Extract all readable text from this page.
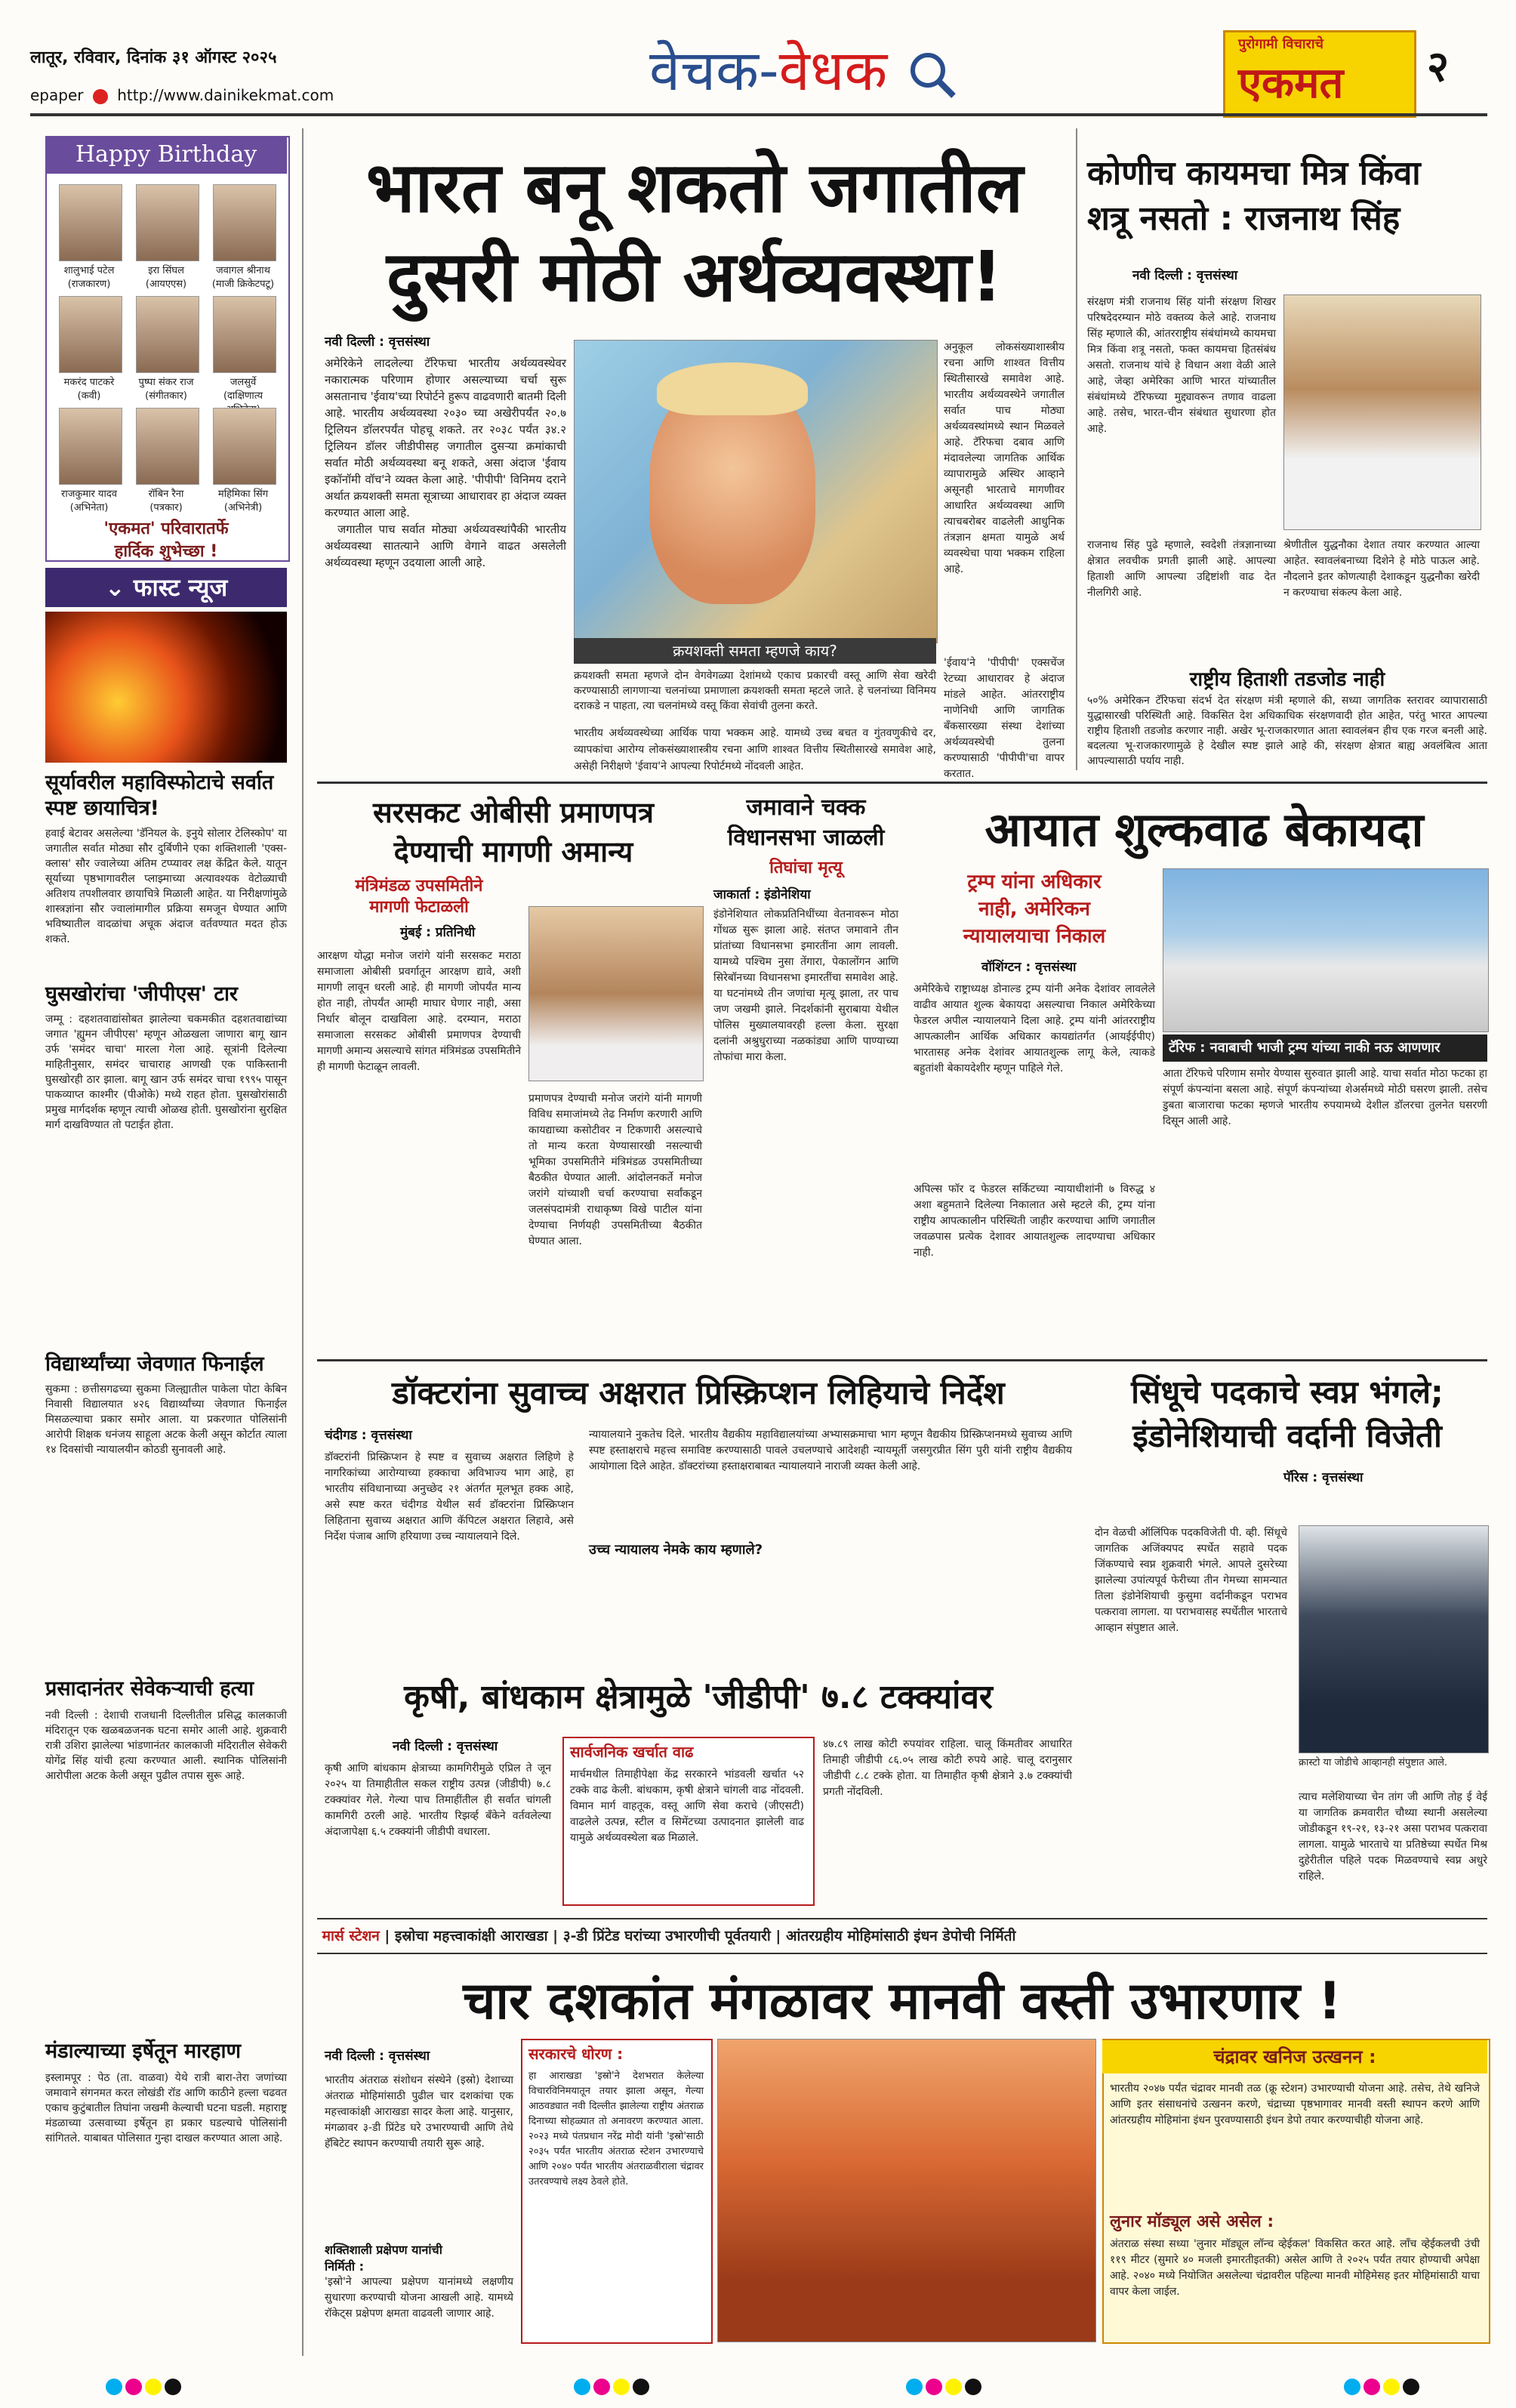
लातूर, रविवार, दिनांक ३१ ऑगस्ट २०२५
epaper http://www.dainikekmat.com	वेचक-वेधक	पुरोगामी विचाराचे
एकमत २
Happy Birthday
शालुभाई पटेल
(राजकारण)
इरा सिंघल
(आयएएस)
जवागल श्रीनाथ
(माजी क्रिकेटपटू)
मकरंद पाटकरे
(कवी)
पुष्पा संकर राज
(संगीतकार)
जलसुर्वे
(दाक्षिणात्य
राजकुमार यादव
(अभिनेता)
रॉबिन रैना
(पत्रकार)
महिमिका सिंग
(अभिनेत्री)
'एकमत' परिवारातर्फे
हार्दिक शुभेच्छा !
⌄ फास्ट न्यूज
सूर्यावरील महाविस्फोटाचे सर्वात स्पष्ट छायाचित्र!
हवाई बेटावर असलेल्या 'डॅनियल के. इनुये सोलार टेलिस्कोप' या जगातील सर्वात मोठ्या सौर दुर्बिणीने एका शक्तिशाली 'एक्स-क्लास' सौर ज्वालेच्या अंतिम टप्प्यावर लक्ष केंद्रित केले. यातून सूर्याच्या पृष्ठभागावरील प्लाझ्माच्या अत्यावश्यक वेटोळ्याची अतिशय तपशीलवार छायाचित्रे मिळाली आहेत. या निरीक्षणांमुळे शास्त्रज्ञांना सौर ज्वालांमागील प्रक्रिया समजून घेण्यात आणि भविष्यातील वादळांचा अचूक अंदाज वर्तवण्यात मदत होऊ शकते.
घुसखोरांचा 'जीपीएस' टार
जम्मू : दहशतवाद्यांसोबत झालेल्या चकमकीत दहशतवाद्यांच्या जगात 'ह्युमन जीपीएस' म्हणून ओळखला जाणारा बागू खान उर्फ 'समंदर चाचा' मारला गेला आहे. सूत्रांनी दिलेल्या माहितीनुसार, समंदर चाचाराह आणखी एक पाकिस्तानी घुसखोरही ठार झाला. बागू खान उर्फ समंदर चाचा १९९५ पासून पाकव्याप्त काश्मीर (पीओके) मध्ये राहत होता. घुसखोरांसाठी प्रमुख मार्गदर्शक म्हणून त्याची ओळख होती. घुसखोरांना सुरक्षित मार्ग दाखविण्यात तो पटाईत होता.
विद्यार्थ्यांच्या जेवणात फिनाईल
सुकमा : छत्तीसगढच्या सुकमा जिल्ह्यातील पाकेला पोटा केबिन निवासी विद्यालयात ४२६ विद्यार्थ्यांच्या जेवणात फिनाईल मिसळल्याचा प्रकार समोर आला. या प्रकरणात पोलिसांनी आरोपी शिक्षक धनंजय साहूला अटक केली असून कोर्टात त्याला १४ दिवसांची न्यायालयीन कोठडी सुनावली आहे.
प्रसादानंतर सेवेकऱ्याची हत्या
नवी दिल्ली : देशाची राजधानी दिल्लीतील प्रसिद्ध कालकाजी मंदिरातून एक खळबळजनक घटना समोर आली आहे. शुक्रवारी रात्री उशिरा झालेल्या भांडणानंतर कालकाजी मंदिरातील सेवेकरी योगेंद्र सिंह यांची हत्या करण्यात आली. स्थानिक पोलिसांनी आरोपीला अटक केली असून पुढील तपास सुरू आहे.
मंडाल्याच्या इर्षेतून मारहाण
इस्लामपूर : पेठ (ता. वाळवा) येथे रात्री बारा-तेरा जणांच्या जमावाने संगनमत करत लोखंडी रॉड आणि काठीने हल्ला चढवत एकाच कुटुंबातील तिघांना जखमी केल्याची घटना घडली. महाराष्ट्र मंडळाच्या उत्सवाच्या इर्षेतून हा प्रकार घडल्याचे पोलिसांनी सांगितले. याबाबत पोलिसात गुन्हा दाखल करण्यात आला आहे.
भारत बनू शकतो जगातील
दुसरी मोठी अर्थव्यवस्था!
नवी दिल्ली : वृत्तसंस्था
अमेरिकेने लादलेल्या टॅरिफचा भारतीय अर्थव्यवस्थेवर नकारात्मक परिणाम होणार असल्याच्या चर्चा सुरू असतानाच 'ईवाय'च्या रिपोर्टने हुरूप वाढवणारी बातमी दिली आहे. भारतीय अर्थव्यवस्था २०३० च्या अखेरीपर्यंत २०.७ ट्रिलियन डॉलरपर्यंत पोहचू शकते. तर २०३८ पर्यंत ३४.२ ट्रिलियन डॉलर जीडीपीसह जगातील दुसऱ्या क्रमांकाची सर्वात मोठी अर्थव्यवस्था बनू शकते, असा अंदाज 'ईवाय इकॉनॉमी वॉच'ने व्यक्त केला आहे. 'पीपीपी' विनिमय दराने अर्थात क्रयशक्ती समता सूत्राच्या आधारावर हा अंदाज व्यक्त करण्यात आला आहे.
जगातील पाच सर्वात मोठ्या अर्थव्यवस्थांपैकी भारतीय अर्थव्यवस्था सातत्याने आणि वेगाने वाढत असलेली अर्थव्यवस्था म्हणून उदयाला आली आहे.
क्रयशक्ती समता म्हणजे काय?
क्रयशक्ती समता म्हणजे दोन वेगवेगळ्या देशांमध्ये एकाच प्रकारची वस्तू आणि सेवा खरेदी करण्यासाठी लागणाऱ्या चलनांच्या प्रमाणाला क्रयशक्ती समता म्हटले जाते. हे चलनांच्या विनिमय दराकडे न पाहता, त्या चलनांमध्ये वस्तू किंवा सेवांची तुलना करते.
भारतीय अर्थव्यवस्थेच्या आर्थिक पाया भक्कम आहे. यामध्ये उच्च बचत व गुंतवणुकीचे दर, व्यापकांचा आरोग्य लोकसंख्याशास्त्रीय रचना आणि शाश्वत वित्तीय स्थितीसारखे समावेश आहे, असेही निरीक्षणे 'ईवाय'ने आपल्या रिपोर्टमध्ये नोंदवली आहेत.
अनुकूल लोकसंख्याशास्त्रीय रचना आणि शाश्वत वित्तीय स्थितीसारखे समावेश आहे. भारतीय अर्थव्यवस्थेने जगातील सर्वात पाच मोठ्या अर्थव्यवस्थांमध्ये स्थान मिळवले आहे. टॅरिफचा दबाव आणि मंदावलेल्या जागतिक आर्थिक व्यापारामुळे अस्थिर आव्हाने असूनही भारताचे मागणीवर आधारित अर्थव्यवस्था आणि त्याचबरोबर वाढलेली आधुनिक तंत्रज्ञान क्षमता यामुळे अर्थ व्यवस्थेचा पाया भक्कम राहिला आहे.
'ईवाय'ने 'पीपीपी' एक्सचेंज रेटच्या आधारावर हे अंदाज मांडले आहेत. आंतरराष्ट्रीय नाणेनिधी आणि जागतिक बँकसारख्या संस्था देशांच्या अर्थव्यवस्थेची तुलना करण्यासाठी 'पीपीपी'चा वापर करतात.
कोणीच कायमचा मित्र किंवा
शत्रू नसतो : राजनाथ सिंह
नवी दिल्ली : वृत्तसंस्था
संरक्षण मंत्री राजनाथ सिंह यांनी संरक्षण शिखर परिषदेदरम्यान मोठे वक्तव्य केले आहे. राजनाथ सिंह म्हणाले की, आंतरराष्ट्रीय संबंधांमध्ये कायमचा मित्र किंवा शत्रू नसतो, फक्त कायमचा हितसंबंध असतो. राजनाथ यांचे हे विधान अशा वेळी आले आहे, जेव्हा अमेरिका आणि भारत यांच्यातील संबंधांमध्ये टॅरिफच्या मुद्द्यावरून तणाव वाढला आहे. तसेच, भारत-चीन संबंधात सुधारणा होत आहे.
राजनाथ सिंह पुढे म्हणाले, स्वदेशी तंत्रज्ञानाच्या क्षेत्रात लवचीक प्रगती झाली आहे. आपल्या हिताशी आणि आपल्या उद्दिष्टांशी वाढ देत नीलगिरी आहे.
श्रेणीतील युद्धनौका देशात तयार करण्यात आल्या आहेत. स्वावलंबनाच्या दिशेने हे मोठे पाऊल आहे. नौदलाने इतर कोणत्याही देशाकडून युद्धनौका खरेदी न करण्याचा संकल्प केला आहे.
राष्ट्रीय हिताशी तडजोड नाही
५०% अमेरिकन टॅरिफचा संदर्भ देत संरक्षण मंत्री म्हणाले की, सध्या जागतिक स्तरावर व्यापारासाठी युद्धासारखी परिस्थिती आहे. विकसित देश अधिकाधिक संरक्षणवादी होत आहेत, परंतु भारत आपल्या राष्ट्रीय हिताशी तडजोड करणार नाही. अखेर भू-राजकारणात आता स्वावलंबन हीच एक गरज बनली आहे. बदलत्या भू-राजकारणामुळे हे देखील स्पष्ट झाले आहे की, संरक्षण क्षेत्रात बाह्य अवलंबित्व आता आपल्यासाठी पर्याय नाही.
सरसकट ओबीसी प्रमाणपत्र
देण्याची मागणी अमान्य
मंत्रिमंडळ उपसमितीने
मागणी फेटाळली
मुंबई : प्रतिनिधी
आरक्षण योद्धा मनोज जरांगे यांनी सरसकट मराठा समाजाला ओबीसी प्रवर्गातून आरक्षण द्यावे, अशी मागणी लावून धरली आहे. ही मागणी जोपर्यंत मान्य होत नाही, तोपर्यंत आम्ही माघार घेणार नाही, असा निर्धार बोलून दाखविला आहे. दरम्यान, मराठा समाजाला सरसकट ओबीसी प्रमाणपत्र देण्याची मागणी अमान्य असल्याचे सांगत मंत्रिमंडळ उपसमितीने ही मागणी फेटाळून लावली.
प्रमाणपत्र देण्याची मनोज जरांगे यांनी मागणी विविध समाजांमध्ये तेढ निर्माण करणारी आणि कायद्याच्या कसोटीवर न टिकणारी असल्याचे तो मान्य करता येण्यासारखी नसल्याची भूमिका उपसमितीने मंत्रिमंडळ उपसमितीच्या बैठकीत घेण्यात आली. आंदोलनकर्ते मनोज जरांगे यांच्याशी चर्चा करण्याचा सर्वांकडून जलसंपदामंत्री राधाकृष्ण विखे पाटील यांना देण्याचा निर्णयही उपसमितीच्या बैठकीत घेण्यात आला.
जमावाने चक्क
विधानसभा जाळली
तिघांचा मृत्यू
जाकार्ता : इंडोनेशिया
इंडोनेशियात लोकप्रतिनिधींच्या वेतनावरून मोठा गोंधळ सुरू झाला आहे. संतप्त जमावाने तीन प्रांतांच्या विधानसभा इमारतींना आग लावली. यामध्ये पश्चिम नुसा तेंगारा, पेकालोंगन आणि सिरेबॉनच्या विधानसभा इमारतींचा समावेश आहे. या घटनांमध्ये तीन जणांचा मृत्यू झाला, तर पाच जण जखमी झाले. निदर्शकांनी सुराबाया येथील पोलिस मुख्यालयावरही हल्ला केला. सुरक्षा दलांनी अश्रुधुराच्या नळकांड्या आणि पाण्याच्या तोफांचा मारा केला.
आयात शुल्कवाढ बेकायदा
ट्रम्प यांना अधिकार
नाही, अमेरिकन
न्यायालयाचा निकाल
वॉशिंग्टन : वृत्तसंस्था
अमेरिकेचे राष्ट्राध्यक्ष डोनाल्ड ट्रम्प यांनी अनेक देशांवर लावलेले वाढीव आयात शुल्क बेकायदा असल्याचा निकाल अमेरिकेच्या फेडरल अपील न्यायालयाने दिला आहे. ट्रम्प यांनी आंतरराष्ट्रीय आपत्कालीन आर्थिक अधिकार कायद्यांतर्गत (आयईईपीए) भारतासह अनेक देशांवर आयातशुल्क लागू केले, त्याकडे बहुतांशी बेकायदेशीर म्हणून पाहिले गेले.
टॅरिफ : नवाबाची भाजी ट्रम्प यांच्या नाकी नऊ आणणार
आता टॅरिफचे परिणाम समोर येण्यास सुरुवात झाली आहे. याचा सर्वात मोठा फटका हा संपूर्ण कंपन्यांना बसला आहे. संपूर्ण कंपन्यांच्या शेअर्समध्ये मोठी घसरण झाली. तसेच डुबता बाजाराचा फटका म्हणजे भारतीय रुपयामध्ये देशील डॉलरचा तुलनेत घसरणी दिसून आली आहे.
अपिल्स फॉर द फेडरल सर्किटच्या न्यायाधीशांनी ७ विरुद्ध ४ अशा बहुमताने दिलेल्या निकालात असे म्हटले की, ट्रम्प यांना राष्ट्रीय आपत्कालीन परिस्थिती जाहीर करण्याचा आणि जगातील जवळपास प्रत्येक देशावर आयातशुल्क लादण्याचा अधिकार नाही.
डॉक्टरांना सुवाच्च अक्षरात प्रिस्क्रिप्शन लिहियाचे निर्देश
चंदीगड : वृत्तसंस्था
डॉक्टरांनी प्रिस्क्रिप्शन हे स्पष्ट व सुवाच्य अक्षरात लिहिणे हे नागरिकांच्या आरोग्याच्या हक्काचा अविभाज्य भाग आहे, हा भारतीय संविधानाच्या अनुच्छेद २१ अंतर्गत मूलभूत हक्क आहे, असे स्पष्ट करत चंदीगड येथील सर्व डॉक्टरांना प्रिस्क्रिप्शन लिहिताना सुवाच्य अक्षरात आणि कॅपिटल अक्षरात लिहावे, असे निर्देश पंजाब आणि हरियाणा उच्च न्यायालयाने दिले.
न्यायालयाने नुकतेच दिले. भारतीय वैद्यकीय महाविद्यालयांच्या अभ्यासक्रमाचा भाग म्हणून वैद्यकीय प्रिस्क्रिप्शनमध्ये सुवाच्य आणि स्पष्ट हस्ताक्षराचे महत्त्व समाविष्ट करण्यासाठी पावले उचलण्याचे आदेशही न्यायमूर्ती जसगुरप्रीत सिंग पुरी यांनी राष्ट्रीय वैद्यकीय आयोगाला दिले आहेत. डॉक्टरांच्या हस्ताक्षराबाबत न्यायालयाने नाराजी व्यक्त केली आहे.
उच्च न्यायालय नेमके काय म्हणाले?
सिंधूचे पदकाचे स्वप्न भंगले;
इंडोनेशियाची वर्दानी विजेती
पॅरिस : वृत्तसंस्था
दोन वेळची ऑलिंपिक पदकविजेती पी. व्ही. सिंधूचे जागतिक अजिंक्यपद स्पर्धेत सहावे पदक जिंकण्याचे स्वप्न शुक्रवारी भंगले. आपले दुसरेच्या झालेल्या उपांत्यपूर्व फेरीच्या तीन गेमच्या सामन्यात तिला इंडोनेशियाची कुसुमा वर्दानीकडून पराभव पत्करावा लागला. या पराभवासह स्पर्धेतील भारताचे आव्हान संपुष्टात आले.
क्रास्टो या जोडीचे आव्हानही संपुष्टात आले.
त्याच मलेशियाच्या चेन तांग जी आणि तोह ई वेई या जागतिक क्रमवारीत चौथ्या स्थानी असलेल्या जोडीकडून १९-२१, १३-२१ असा पराभव पत्करावा लागला. यामुळे भारताचे या प्रतिष्ठेच्या स्पर्धेत मिश्र दुहेरीतील पहिले पदक मिळवण्याचे स्वप्न अधुरे राहिले.
कृषी, बांधकाम क्षेत्रामुळे 'जीडीपी' ७.८ टक्क्यांवर
नवी दिल्ली : वृत्तसंस्था
कृषी आणि बांधकाम क्षेत्राच्या कामगिरीमुळे एप्रिल ते जून २०२५ या तिमाहीतील सकल राष्ट्रीय उत्पन्न (जीडीपी) ७.८ टक्क्यांवर गेले. गेल्या पाच तिमाहींतील ही सर्वात चांगली कामगिरी ठरली आहे. भारतीय रिझर्व्ह बँकेने वर्तवलेल्या अंदाजापेक्षा ६.५ टक्क्यांनी जीडीपी वधारला.
सार्वजनिक खर्चात वाढ
मार्चमधील तिमाहीपेक्षा केंद्र सरकारने भांडवली खर्चात ५२ टक्के वाढ केली. बांधकाम, कृषी क्षेत्राने चांगली वाढ नोंदवली. विमान मार्ग वाहतूक, वस्तू आणि सेवा कराचे (जीएसटी) वाढलेले उत्पन्न, स्टील व सिमेंटच्या उत्पादनात झालेली वाढ यामुळे अर्थव्यवस्थेला बळ मिळाले.
४७.८९ लाख कोटी रुपयांवर राहिला. चालू किंमतीवर आधारित तिमाही जीडीपी ८६.०५ लाख कोटी रुपये आहे. चालू दरानुसार जीडीपी ८.८ टक्के होता. या तिमाहीत कृषी क्षेत्राने ३.७ टक्क्यांची प्रगती नोंदविली.
मार्स स्टेशन | इस्रोचा महत्त्वाकांक्षी आराखडा | ३-डी प्रिंटेड घरांच्या उभारणीची पूर्वतयारी | आंतरग्रहीय मोहिमांसाठी इंधन डेपोची निर्मिती
चार दशकांत मंगळावर मानवी वस्ती उभारणार !
नवी दिल्ली : वृत्तसंस्था
भारतीय अंतराळ संशोधन संस्थेने (इस्रो) देशाच्या अंतराळ मोहिमांसाठी पुढील चार दशकांचा एक महत्त्वाकांक्षी आराखडा सादर केला आहे. यानुसार, मंगळावर ३-डी प्रिंटेड घरे उभारण्याची आणि तेथे हॅबिटेट स्थापन करण्याची तयारी सुरू आहे.
शक्तिशाली प्रक्षेपण यानांची
निर्मिती :
'इस्रो'ने आपल्या प्रक्षेपण यानांमध्ये लक्षणीय सुधारणा करण्याची योजना आखली आहे. यामध्ये रॉकेट्स प्रक्षेपण क्षमता वाढवली जाणार आहे.
सरकारचे धोरण :
हा आराखडा 'इस्रो'ने देशभरात केलेल्या विचारविनिमयातून तयार झाला असून, गेल्या आठवड्यात नवी दिल्लीत झालेल्या राष्ट्रीय अंतराळ दिनाच्या सोहळ्यात तो अनावरण करण्यात आला. २०२३ मध्ये पंतप्रधान नरेंद्र मोदी यांनी 'इस्रो'साठी २०३५ पर्यंत भारतीय अंतराळ स्टेशन उभारण्याचे आणि २०४० पर्यंत भारतीय अंतराळवीराला चंद्रावर उतरवण्याचे लक्ष्य ठेवले होते.
चंद्रावर खनिज उत्खनन :
भारतीय २०४७ पर्यंत चंद्रावर मानवी तळ (क्रू स्टेशन) उभारण्याची योजना आहे. तसेच, तेथे खनिजे आणि इतर संसाधनांचे उत्खनन करणे, चंद्राच्या पृष्ठभागावर मानवी वस्ती स्थापन करणे आणि आंतरग्रहीय मोहिमांना इंधन पुरवण्यासाठी इंधन डेपो तयार करण्याचीही योजना आहे.
लुनार मॉड्यूल असे असेल :
अंतराळ संस्था सध्या 'लुनार मॉड्यूल लॉन्च व्हेईकल' विकसित करत आहे. लॉंच व्हेईकलची उंची ११९ मीटर (सुमारे ४० मजली इमारतीइतकी) असेल आणि ते २०२५ पर्यंत तयार होण्याची अपेक्षा आहे. २०४० मध्ये नियोजित असलेल्या चंद्रावरील पहिल्या मानवी मोहिमेसह इतर मोहिमांसाठी याचा वापर केला जाईल.
